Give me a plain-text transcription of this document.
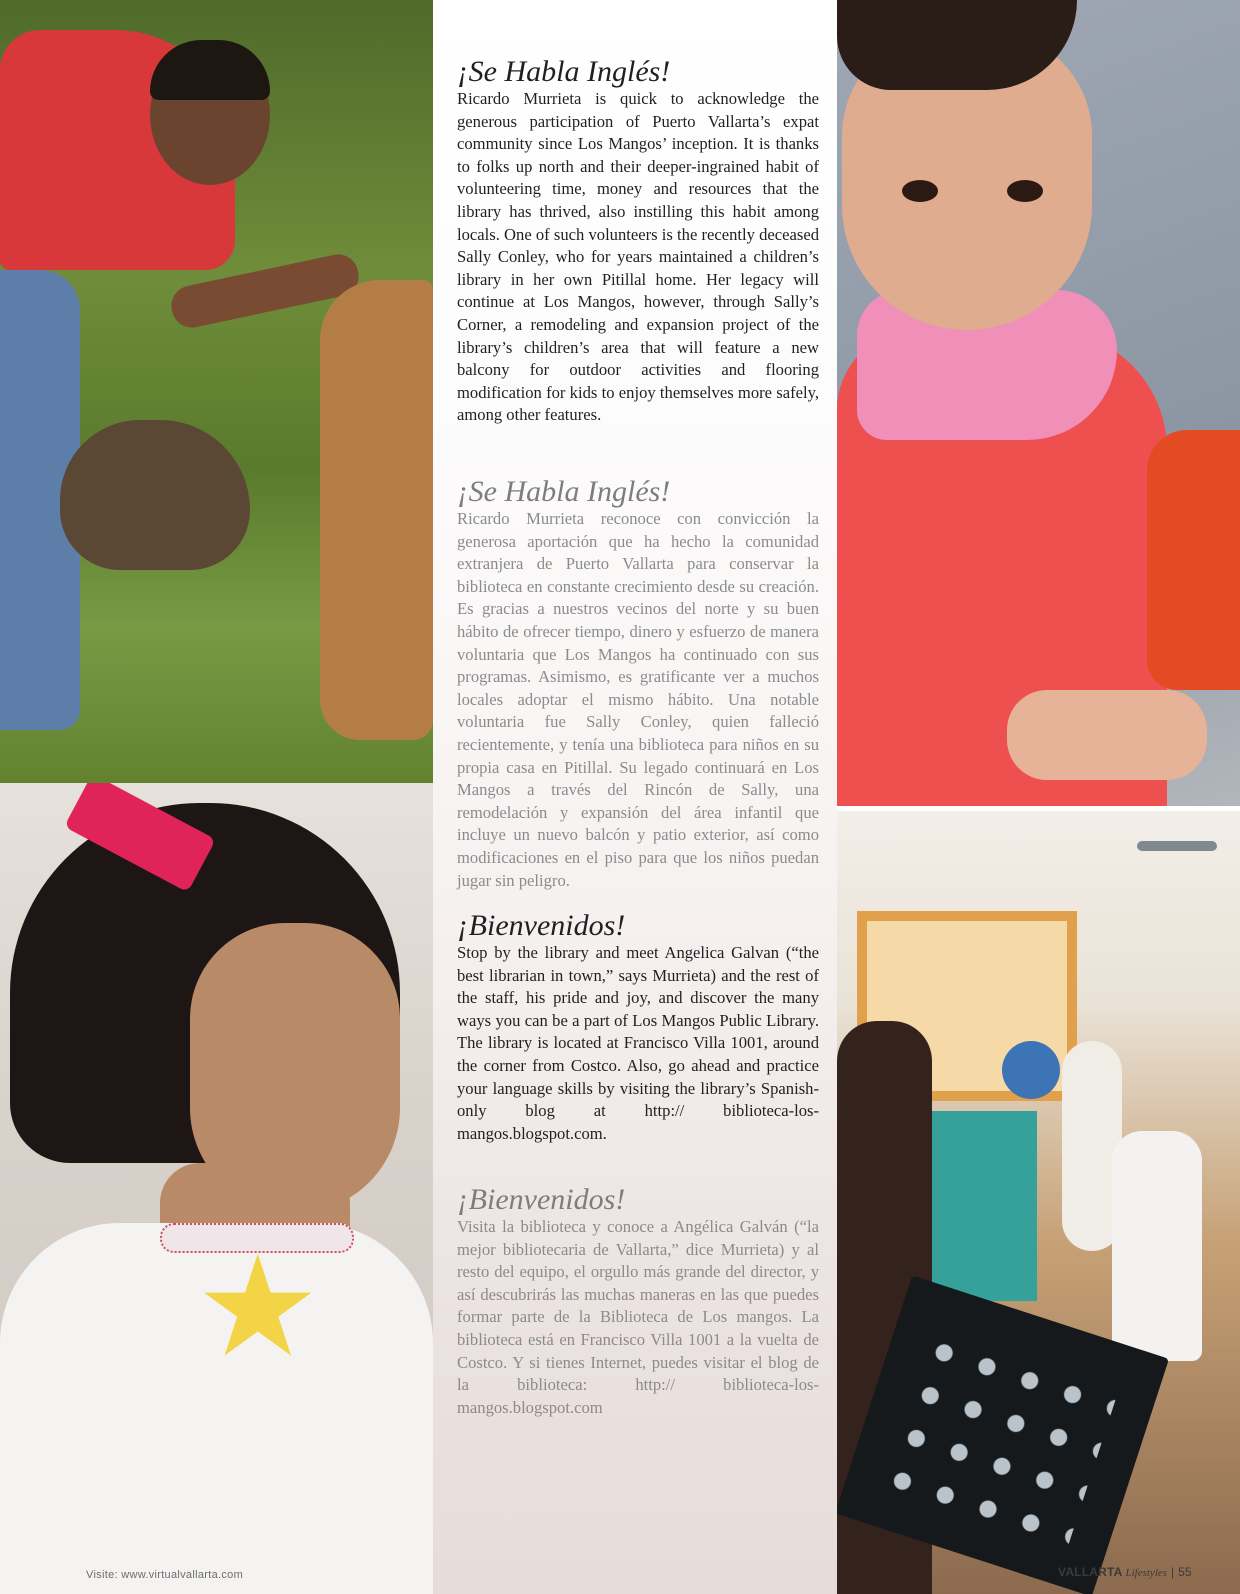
★
¡Se Habla Inglés!

Ricardo Murrieta is quick to acknowledge the generous participation of Puerto Vallarta’s expat community since Los Mangos’ inception. It is thanks to folks up north and their deeper-ingrained habit of volunteering time, money and resources that the library has thrived, also instilling this habit among locals. One of such volunteers is the recently deceased Sally Conley, who for years maintained a children’s library in her own Pitillal home. Her legacy will continue at Los Mangos, however, through Sally’s Corner, a remodeling and expansion project of the library’s children’s area that will feature a new balcony for outdoor activities and flooring modification for kids to enjoy themselves more safely, among other features.

¡Se Habla Inglés!

Ricardo Murrieta reconoce con convicción la generosa aportación que ha hecho la comunidad extranjera de Puerto Vallarta para conservar la biblioteca en constante crecimiento desde su creación. Es gracias a nuestros vecinos del norte y su buen hábito de ofrecer tiempo, dinero y esfuerzo de manera voluntaria que Los Mangos ha continuado con sus programas. Asimismo, es gratificante ver a muchos locales adoptar el mismo hábito. Una notable voluntaria fue Sally Conley, quien falleció recientemente, y tenía una biblioteca para niños en su propia casa en Pitillal. Su legado continuará en Los Mangos a través del Rincón de Sally, una remodelación y expansión del área infantil que incluye un nuevo balcón y patio exterior, así como modificaciones en el piso para que los niños puedan jugar sin peligro.

¡Bienvenidos!

Stop by the library and meet Angelica Galvan (“the best librarian in town,” says Murrieta) and the rest of the staff, his pride and joy, and discover the many ways you can be a part of Los Mangos Public Library. The library is located at Francisco Villa 1001, around the corner from Costco. Also, go ahead and practice your language skills by visiting the library’s Spanish-only blog at http:// biblioteca-los-mangos.blogspot.com.

¡Bienvenidos!

Visita la biblioteca y conoce a Angélica Galván (“la mejor bibliotecaria de Vallarta,” dice Murrieta) y al resto del equipo, el orgullo más grande del director, y así descubrirás las muchas maneras en las que puedes formar parte de la Biblioteca de Los mangos. La biblioteca está en Francisco Villa 1001 a la vuelta de Costco. Y si tienes Internet, puedes visitar el blog de la biblioteca: http:// biblioteca-los-mangos.blogspot.com

Visite: www.virtualvallarta.com	VALLARTA Lifestyles | 55
